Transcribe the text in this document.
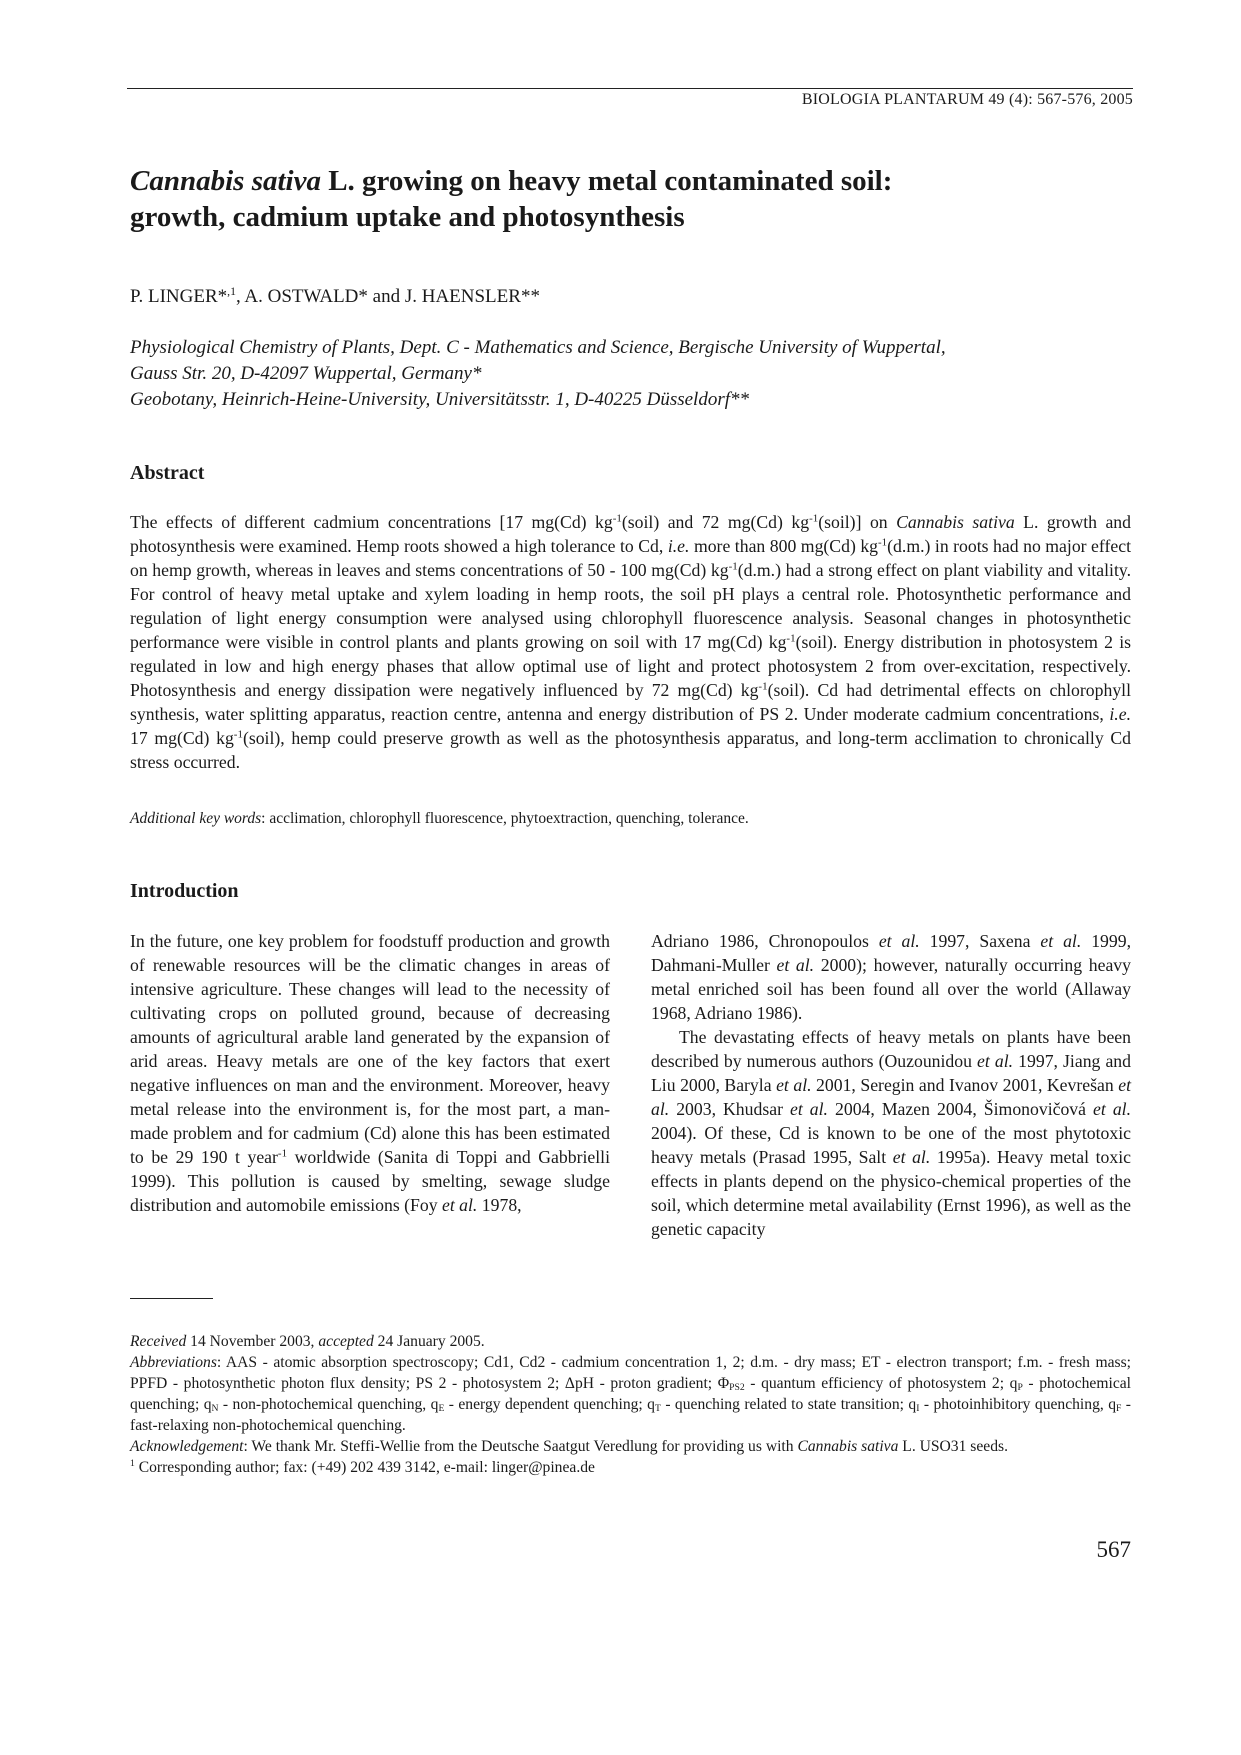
BIOLOGIA PLANTARUM 49 (4): 567-576, 2005
Cannabis sativa L. growing on heavy metal contaminated soil:
growth, cadmium uptake and photosynthesis
P. LINGER*$^{,1}$, A. OSTWALD* and J. HAENSLER**
Physiological Chemistry of Plants, Dept. C - Mathematics and Science, Bergische University of Wuppertal,
Gauss Str. 20, D-42097 Wuppertal, Germany*
Geobotany, Heinrich-Heine-University, Universitätsstr. 1, D-40225 Düsseldorf**
Abstract
The effects of different cadmium concentrations [17 mg(Cd) $kg^{-1}(soil)$ and 72 mg(Cd) $kg^{-1}(soil)$] on Cannabis sativa L. growth and photosynthesis were examined. Hemp roots showed a high tolerance to Cd, i.e. more than 800 mg(Cd) $kg^{-1}(d.m.)$ in roots had no major effect on hemp growth, whereas in leaves and stems concentrations of 50 - 100 mg(Cd) $kg^{-1}(d.m.)$ had a strong effect on plant viability and vitality. For control of heavy metal uptake and xylem loading in hemp roots, the soil pH plays a central role. Photosynthetic performance and regulation of light energy consumption were analysed using chlorophyll fluorescence analysis. Seasonal changes in photosynthetic performance were visible in control plants and plants growing on soil with 17 mg(Cd) $kg^{-1}(soil)$. Energy distribution in photosystem 2 is regulated in low and high energy phases that allow optimal use of light and protect photosystem 2 from over-excitation, respectively. Photosynthesis and energy dissipation were negatively influenced by 72 mg(Cd) $kg^{-1}(soil)$. Cd had detrimental effects on chlorophyll synthesis, water splitting apparatus, reaction centre, antenna and energy distribution of PS 2. Under moderate cadmium concentrations, i.e. 17 mg(Cd) $kg^{-1}(soil)$, hemp could preserve growth as well as the photosynthesis apparatus, and long-term acclimation to chronically Cd stress occurred.
Additional key words: acclimation, chlorophyll fluorescence, phytoextraction, quenching, tolerance.
Introduction

In the future, one key problem for foodstuff production and growth of renewable resources will be the climatic changes in areas of intensive agriculture. These changes will lead to the necessity of cultivating crops on polluted ground, because of decreasing amounts of agricultural arable land generated by the expansion of arid areas. Heavy metals are one of the key factors that exert negative influences on man and the environment. Moreover, heavy metal release into the environment is, for the most part, a man-made problem and for cadmium (Cd) alone this has been estimated to be 29 190 t year$^{-1}$ worldwide (Sanita di Toppi and Gabbrielli 1999). This pollution is caused by smelting, sewage sludge distribution and automobile emissions (Foy et al. 1978,

Adriano 1986, Chronopoulos et al. 1997, Saxena et al. 1999, Dahmani-Muller et al. 2000); however, naturally occurring heavy metal enriched soil has been found all over the world (Allaway 1968, Adriano 1986).

The devastating effects of heavy metals on plants have been described by numerous authors (Ouzounidou et al. 1997, Jiang and Liu 2000, Baryla et al. 2001, Seregin and Ivanov 2001, Kevrešan et al. 2003, Khudsar et al. 2004, Mazen 2004, Šimonovičová et al. 2004). Of these, Cd is known to be one of the most phytotoxic heavy metals (Prasad 1995, Salt et al. 1995a). Heavy metal toxic effects in plants depend on the physico-chemical properties of the soil, which determine metal availability (Ernst 1996), as well as the genetic capacity

Received 14 November 2003, accepted 24 January 2005.

Abbreviations: AAS - atomic absorption spectroscopy; Cd1, Cd2 - cadmium concentration 1, 2; d.m. - dry mass; ET - electron transport; f.m. - fresh mass; PPFD - photosynthetic photon flux density; PS 2 - photosystem 2; ΔpH - proton gradient; $\Phi_{PS2}$ - quantum efficiency of photosystem 2; $q_P$ - photochemical quenching; $q_N$ - non-photochemical quenching, $q_E$ - energy dependent quenching; $q_T$ - quenching related to state transition; $q_I$ - photoinhibitory quenching, $q_F$ - fast-relaxing non-photochemical quenching.

Acknowledgement: We thank Mr. Steffi-Wellie from the Deutsche Saatgut Veredlung for providing us with Cannabis sativa L. USO31 seeds.

$^1$ Corresponding author; fax: (+49) 202 439 3142, e-mail: linger@pinea.de

567
